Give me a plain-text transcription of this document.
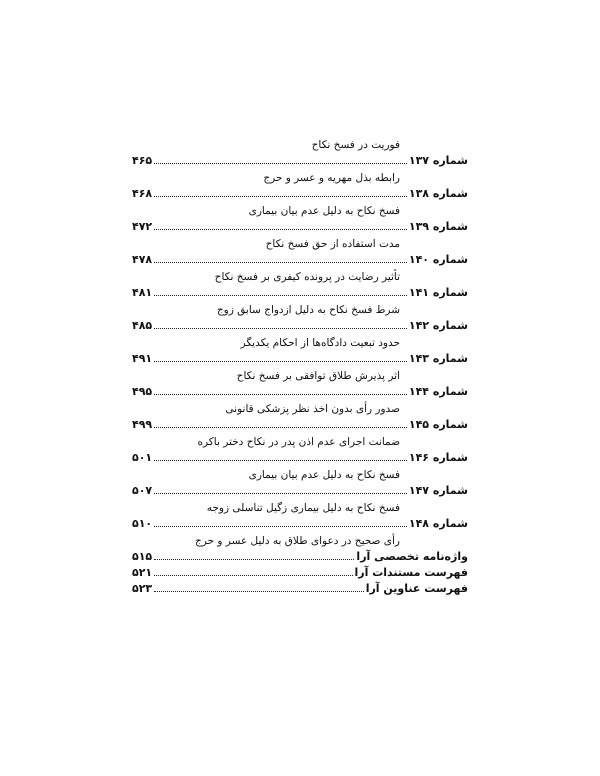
فوریت در فسخ نکاح
شماره ۱۳۷
۴۶۵
رابطه بذل مهریه و عسر و حرج
شماره ۱۳۸
۴۶۸
فسخ نکاح به دلیل عدم بیان بیماری
شماره ۱۳۹
۴۷۲
مدت استفاده از حق فسخ نکاح
شماره ۱۴۰
۴۷۸
تأثیر رضایت در پرونده کیفری بر فسخ نکاح
شماره ۱۴۱
۴۸۱
شرط فسخ نکاح به دلیل ازدواج سابق زوج
شماره ۱۴۲
۴۸۵
حدود تبعیت دادگاه‌ها از احکام یکدیگر
شماره ۱۴۳
۴۹۱
اثر پذیرش طلاق توافقی بر فسخ نکاح
شماره ۱۴۴
۴۹۵
صدور رأی بدون اخذ نظر پزشکی قانونی
شماره ۱۴۵
۴۹۹
ضمانت اجرای عدم اذن پدر در نکاح دختر باکره
شماره ۱۴۶
۵۰۱
فسخ نکاح به دلیل عدم بیان بیماری
شماره ۱۴۷
۵۰۷
فسخ نکاح به دلیل بیماری زگیل تناسلی زوجه
شماره ۱۴۸
۵۱۰
رأی صحیح در دعوای طلاق به دلیل عسر و حرج
واژه‌نامه تخصصی آرا
۵۱۵
فهرست مستندات آرا
۵۲۱
فهرست عناوین آرا
۵۲۳
